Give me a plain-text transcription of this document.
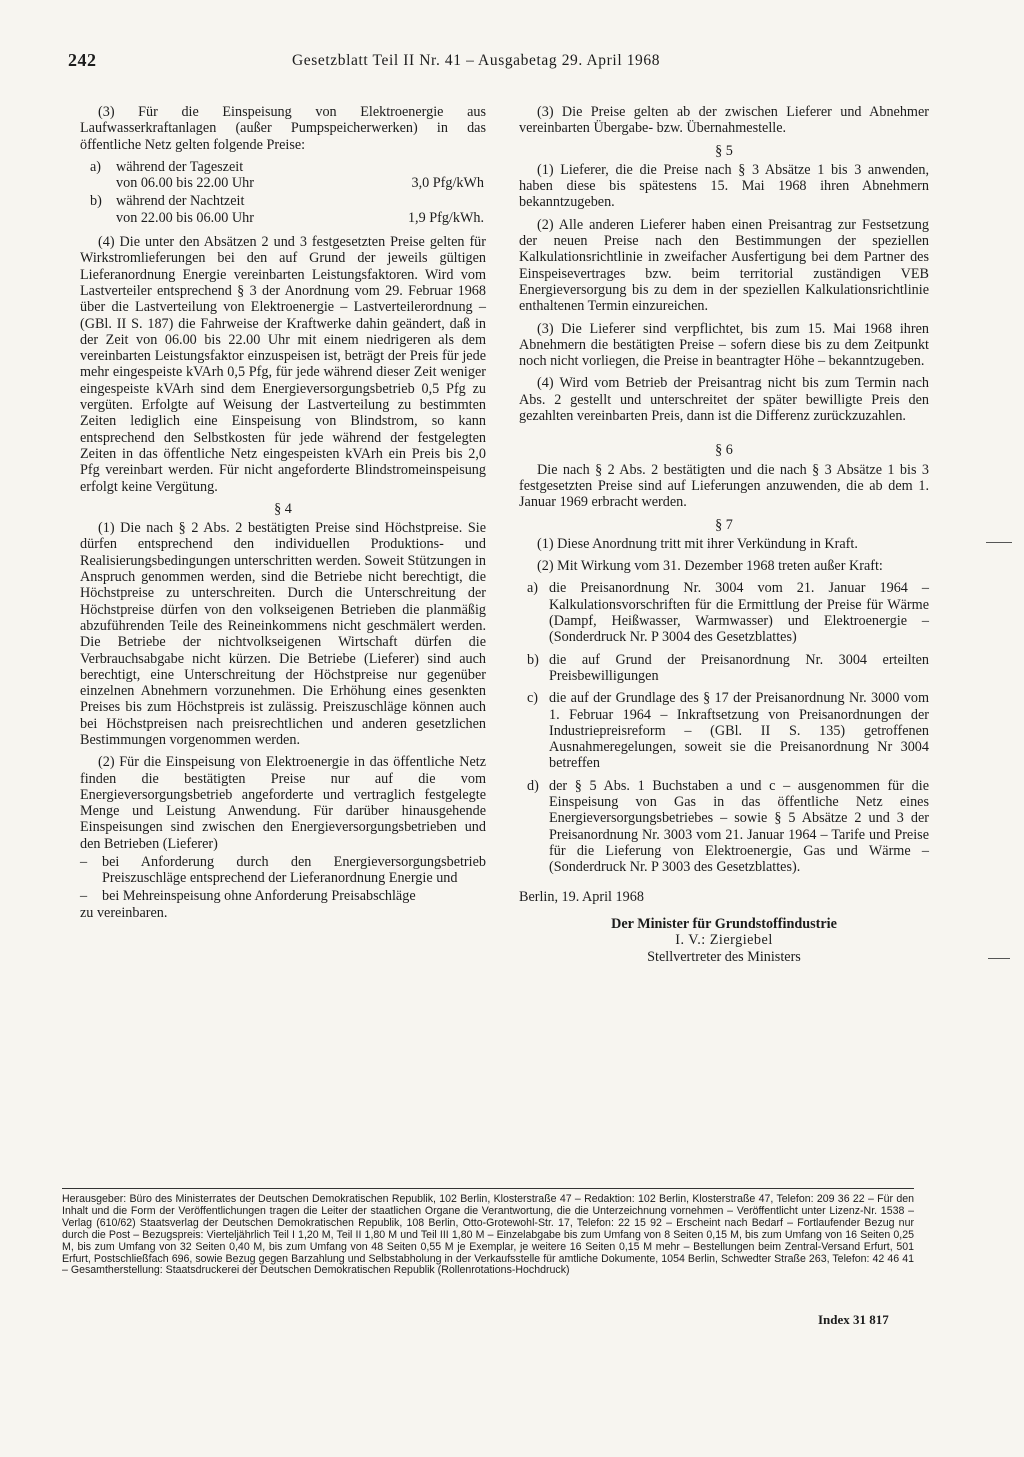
242	Gesetzblatt Teil II Nr. 41 – Ausgabetag 29. April 1968

(3) Für die Einspeisung von Elektroenergie aus Laufwasserkraftanlagen (außer Pumpspeicherwerken) in das öffentliche Netz gelten folgende Preise:

a)	während der Tageszeit
von 06.00 bis 22.00 Uhr	3,0 Pfg/kWh
b) während der Nachtzeit
von 22.00 bis 06.00 Uhr	1,9 Pfg/kWh.

(4) Die unter den Absätzen 2 und 3 festgesetzten Preise gelten für Wirkstromlieferungen bei den auf Grund der jeweils gültigen Lieferanordnung Energie vereinbarten Leistungsfaktoren. Wird vom Lastverteiler entsprechend § 3 der Anordnung vom 29. Februar 1968 über die Lastverteilung von Elektroenergie – Lastverteilerordnung – (GBl. II S. 187) die Fahrweise der Kraftwerke dahin geändert, daß in der Zeit von 06.00 bis 22.00 Uhr mit einem niedrigeren als dem vereinbarten Leistungsfaktor einzuspeisen ist, beträgt der Preis für jede mehr eingespeiste kVArh 0,5 Pfg, für jede während dieser Zeit weniger eingespeiste kVArh sind dem Energieversorgungsbetrieb 0,5 Pfg zu vergüten. Erfolgte auf Weisung der Lastverteilung zu bestimmten Zeiten lediglich eine Einspeisung von Blindstrom, so kann entsprechend den Selbstkosten für jede während der festgelegten Zeiten in das öffentliche Netz eingespeisten kVArh ein Preis bis 2,0 Pfg vereinbart werden. Für nicht angeforderte Blindstromeinspeisung erfolgt keine Vergütung.

§ 4

(1) Die nach § 2 Abs. 2 bestätigten Preise sind Höchstpreise. Sie dürfen entsprechend den individuellen Produktions- und Realisierungsbedingungen unterschritten werden. Soweit Stützungen in Anspruch genommen werden, sind die Betriebe nicht berechtigt, die Höchstpreise zu unterschreiten. Durch die Unterschreitung der Höchstpreise dürfen von den volkseigenen Betrieben die planmäßig abzuführenden Teile des Reineinkommens nicht geschmälert werden. Die Betriebe der nichtvolkseigenen Wirtschaft dürfen die Verbrauchsabgabe nicht kürzen. Die Betriebe (Lieferer) sind auch berechtigt, eine Unterschreitung der Höchstpreise nur gegenüber einzelnen Abnehmern vorzunehmen. Die Erhöhung eines gesenkten Preises bis zum Höchstpreis ist zulässig. Preiszuschläge können auch bei Höchstpreisen nach preisrechtlichen und anderen gesetzlichen Bestimmungen vorgenommen werden.

(2) Für die Einspeisung von Elektroenergie in das öffentliche Netz finden die bestätigten Preise nur auf die vom Energieversorgungsbetrieb angeforderte und vertraglich festgelegte Menge und Leistung Anwendung. Für darüber hinausgehende Einspeisungen sind zwischen den Energieversorgungsbetrieben und den Betrieben (Lieferer)

–	bei Anforderung durch den Energieversorgungsbetrieb Preiszuschläge entsprechend der Lieferanordnung Energie und
–	bei Mehreinspeisung ohne Anforderung Preisabschläge
zu vereinbaren.

(3) Die Preise gelten ab der zwischen Lieferer und Abnehmer vereinbarten Übergabe- bzw. Übernahmestelle.

§ 5

(1) Lieferer, die die Preise nach § 3 Absätze 1 bis 3 anwenden, haben diese bis spätestens 15. Mai 1968 ihren Abnehmern bekanntzugeben.

(2) Alle anderen Lieferer haben einen Preisantrag zur Festsetzung der neuen Preise nach den Bestimmungen der speziellen Kalkulationsrichtlinie in zweifacher Ausfertigung bei dem Partner des Einspeisevertrages bzw. beim territorial zuständigen VEB Energieversorgung bis zu dem in der speziellen Kalkulationsrichtlinie enthaltenen Termin einzureichen.

(3) Die Lieferer sind verpflichtet, bis zum 15. Mai 1968 ihren Abnehmern die bestätigten Preise – sofern diese bis zu dem Zeitpunkt noch nicht vorliegen, die Preise in beantragter Höhe – bekanntzugeben.

(4) Wird vom Betrieb der Preisantrag nicht bis zum Termin nach Abs. 2 gestellt und unterschreitet der später bewilligte Preis den gezahlten vereinbarten Preis, dann ist die Differenz zurückzuzahlen.

§ 6

Die nach § 2 Abs. 2 bestätigten und die nach § 3 Absätze 1 bis 3 festgesetzten Preise sind auf Lieferungen anzuwenden, die ab dem 1. Januar 1969 erbracht werden.

§ 7

(1) Diese Anordnung tritt mit ihrer Verkündung in Kraft.

(2) Mit Wirkung vom 31. Dezember 1968 treten außer Kraft:

a) die Preisanordnung Nr. 3004 vom 21. Januar 1964 – Kalkulationsvorschriften für die Ermittlung der Preise für Wärme (Dampf, Heißwasser, Warmwasser) und Elektroenergie – (Sonderdruck Nr. P 3004 des Gesetzblattes)
b) die auf Grund der Preisanordnung Nr. 3004 erteilten Preisbewilligungen
c) die auf der Grundlage des § 17 der Preisanordnung Nr. 3000 vom 1. Februar 1964 – Inkraftsetzung von Preisanordnungen der Industriepreisreform – (GBl. II S. 135) getroffenen Ausnahmeregelungen, soweit sie die Preisanordnung Nr 3004 betreffen
d) der § 5 Abs. 1 Buchstaben a und c – ausgenommen für die Einspeisung von Gas in das öffentliche Netz eines Energieversorgungsbetriebes – sowie § 5 Absätze 2 und 3 der Preisanordnung Nr. 3003 vom 21. Januar 1964 – Tarife und Preise für die Lieferung von Elektroenergie, Gas und Wärme – (Sonderdruck Nr. P 3003 des Gesetzblattes).

Berlin, 19. April 1968

Der Minister für Grundstoffindustrie
I. V.: Ziergiebel
Stellvertreter des Ministers
Herausgeber: Büro des Ministerrates der Deutschen Demokratischen Republik, 102 Berlin, Klosterstraße 47 – Redaktion: 102 Berlin, Klosterstraße 47, Telefon: 209 36 22 – Für den Inhalt und die Form der Veröffentlichungen tragen die Leiter der staatlichen Organe die Verantwortung, die die Unterzeichnung vornehmen – Veröffentlicht unter Lizenz-Nr. 1538 – Verlag (610/62) Staatsverlag der Deutschen Demokratischen Republik, 108 Berlin, Otto-Grotewohl-Str. 17, Telefon: 22 15 92 – Erscheint nach Bedarf – Fortlaufender Bezug nur durch die Post – Bezugspreis: Vierteljährlich Teil I 1,20 M, Teil II 1,80 M und Teil III 1,80 M – Einzelabgabe bis zum Umfang von 8 Seiten 0,15 M, bis zum Umfang von 16 Seiten 0,25 M, bis zum Umfang von 32 Seiten 0,40 M, bis zum Umfang von 48 Seiten 0,55 M je Exemplar, je weitere 16 Seiten 0,15 M mehr – Bestellungen beim Zentral-Versand Erfurt, 501 Erfurt, Postschließfach 696, sowie Bezug gegen Barzahlung und Selbstabholung in der Verkaufsstelle für amtliche Dokumente, 1054 Berlin, Schwedter Straße 263, Telefon: 42 46 41 – Gesamtherstellung: Staatsdruckerei der Deutschen Demokratischen Republik (Rollenrotations-Hochdruck)
Index 31 817
